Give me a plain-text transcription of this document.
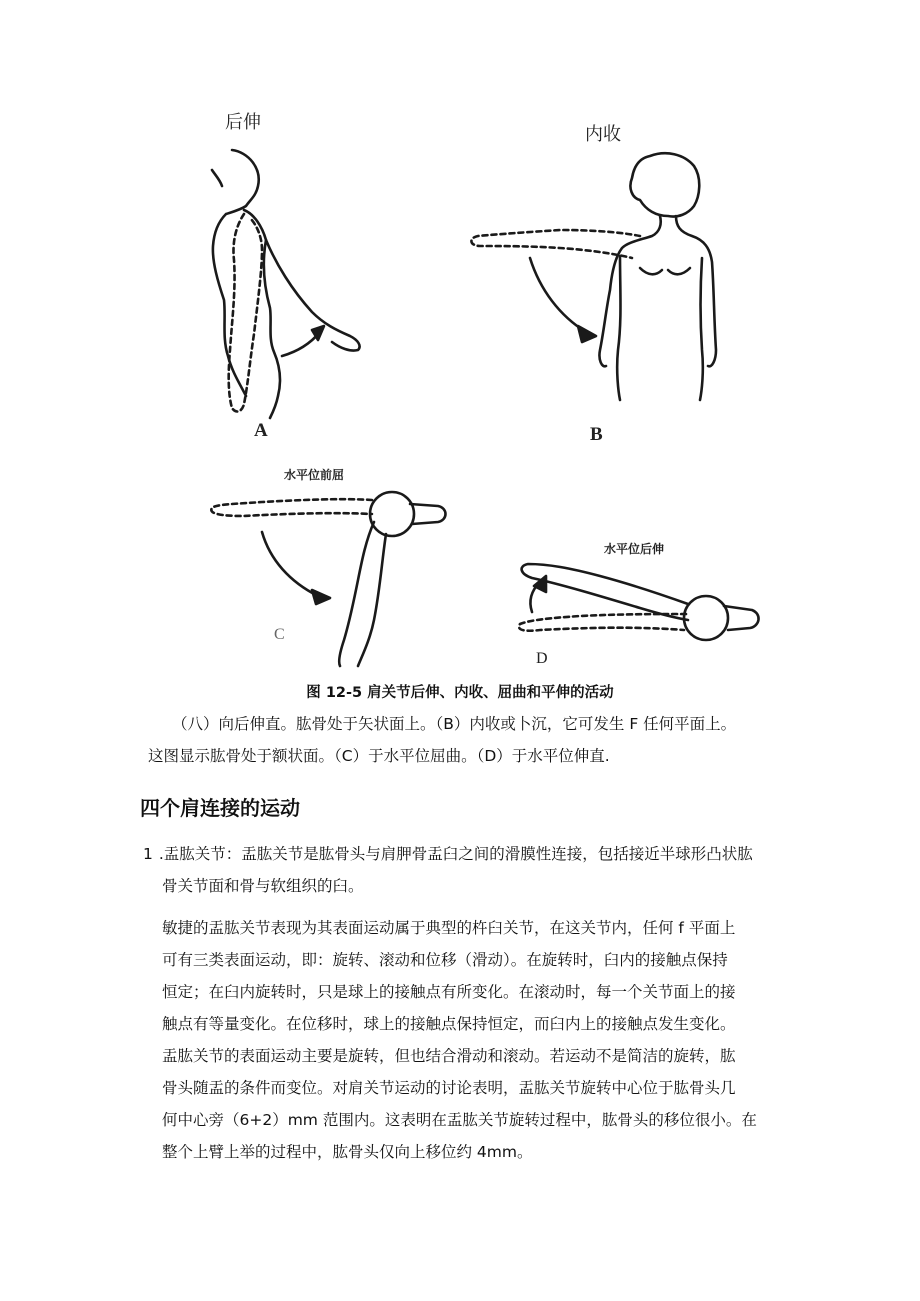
后伸
内收
A	B
水平位前屈
水平位后伸
C
D
图 12-5 肩关节后伸、内收、屈曲和平伸的活动
（八）向后伸直。肱骨处于矢状面上。（B）内收或卜沉，它可发生 F 任何平面上。
这图显示肱骨处于额状面。（C）于水平位屈曲。（D）于水平位伸直.
四个肩连接的运动
1 .盂肱关节：盂肱关节是肱骨头与肩胛骨盂臼之间的滑膜性连接，包括接近半球形凸状肱
骨关节面和骨与软组织的臼。
敏捷的盂肱关节表现为其表面运动属于典型的杵臼关节，在这关节内，任何 f 平面上
可有三类表面运动，即：旋转、滚动和位移（滑动）。在旋转时，臼内的接触点保持
恒定；在臼内旋转时，只是球上的接触点有所变化。在滚动时，每一个关节面上的接
触点有等量变化。在位移时，球上的接触点保持恒定，而臼内上的接触点发生变化。
盂肱关节的表面运动主要是旋转，但也结合滑动和滚动。若运动不是简洁的旋转，肱
骨头随盂的条件而变位。对肩关节运动的讨论表明，盂肱关节旋转中心位于肱骨头几
何中心旁（6+2）mm 范围内。这表明在盂肱关节旋转过程中，肱骨头的移位很小。在
整个上臂上举的过程中，肱骨头仅向上移位约 4mm。
